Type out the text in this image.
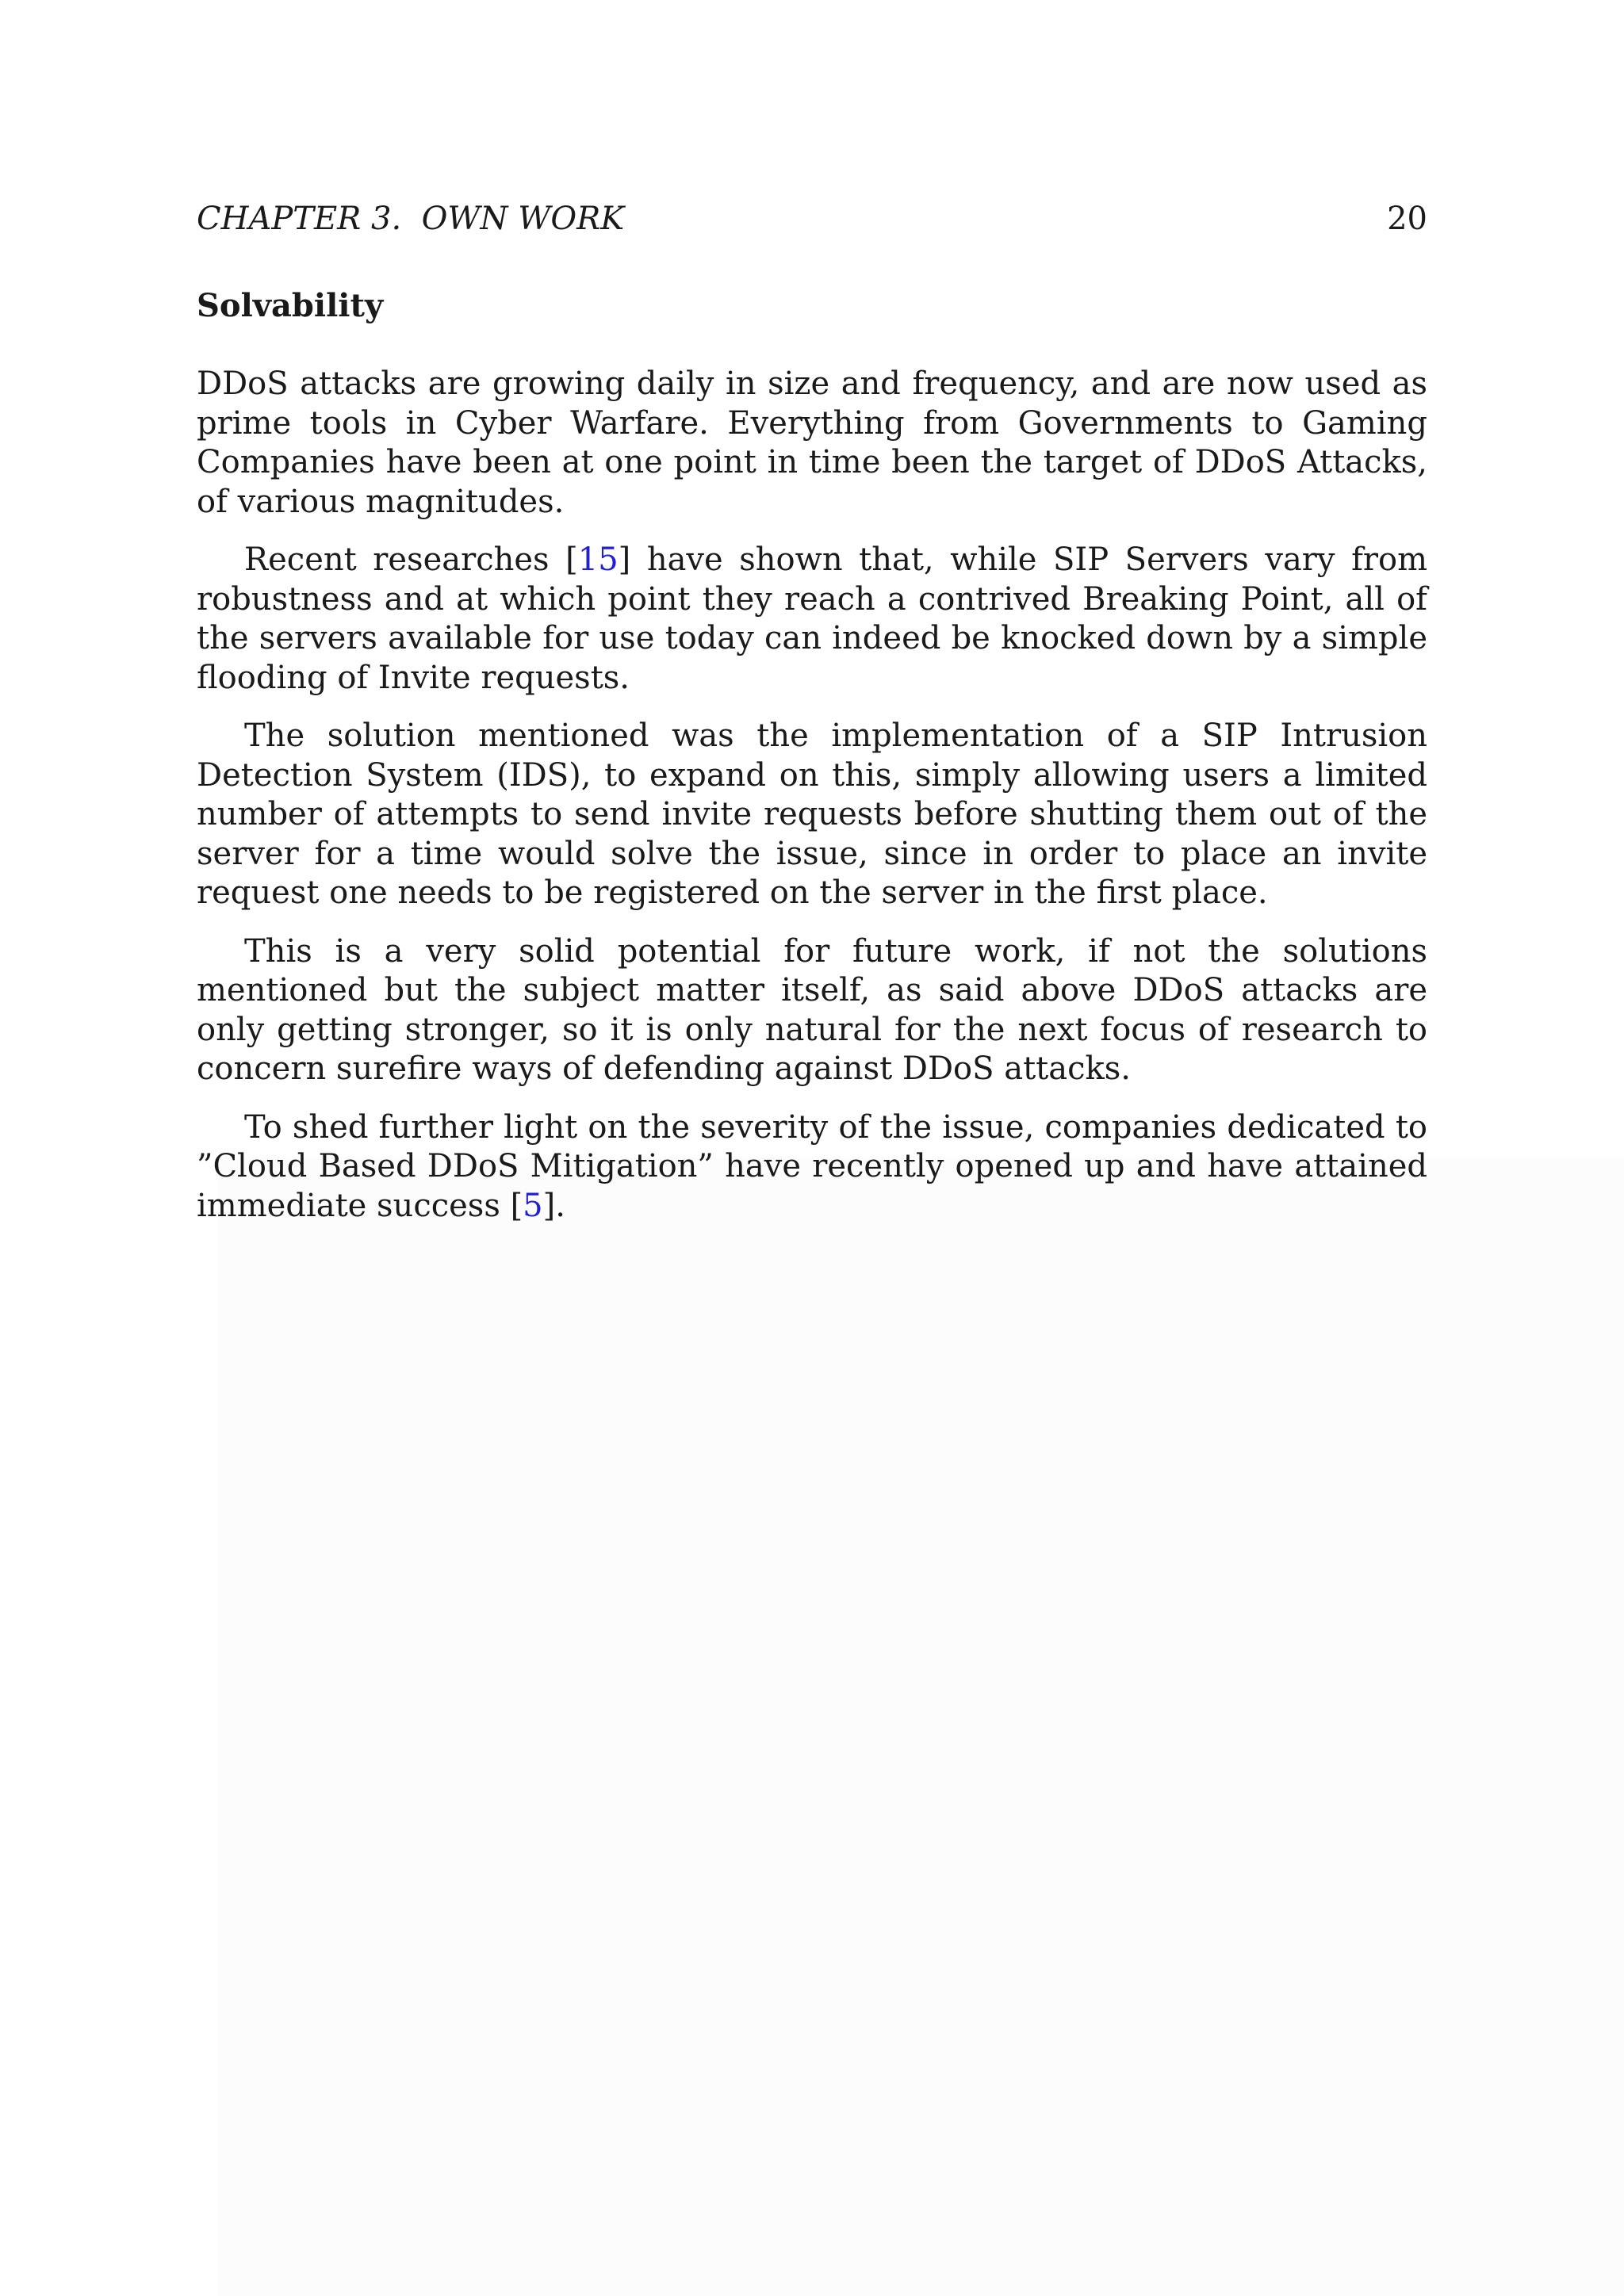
CHAPTER 3.  OWN WORK	20
Solvability

DDoS attacks are growing daily in size and frequency, and are now used as prime tools in Cyber Warfare. Everything from Governments to Gaming Companies have been at one point in time been the target of DDoS Attacks, of various magnitudes.

Recent researches [15] have shown that, while SIP Servers vary from robustness and at which point they reach a contrived Breaking Point, all of the servers available for use today can indeed be knocked down by a simple flooding of Invite requests.

The solution mentioned was the implementation of a SIP Intrusion Detection System (IDS), to expand on this, simply allowing users a limited number of attempts to send invite requests before shutting them out of the server for a time would solve the issue, since in order to place an invite request one needs to be registered on the server in the first place.

This is a very solid potential for future work, if not the solutions mentioned but the subject matter itself, as said above DDoS attacks are only getting stronger, so it is only natural for the next focus of research to concern surefire ways of defending against DDoS attacks.

To shed further light on the severity of the issue, companies dedicated to ”Cloud Based DDoS Mitigation” have recently opened up and have attained immediate success [5].
